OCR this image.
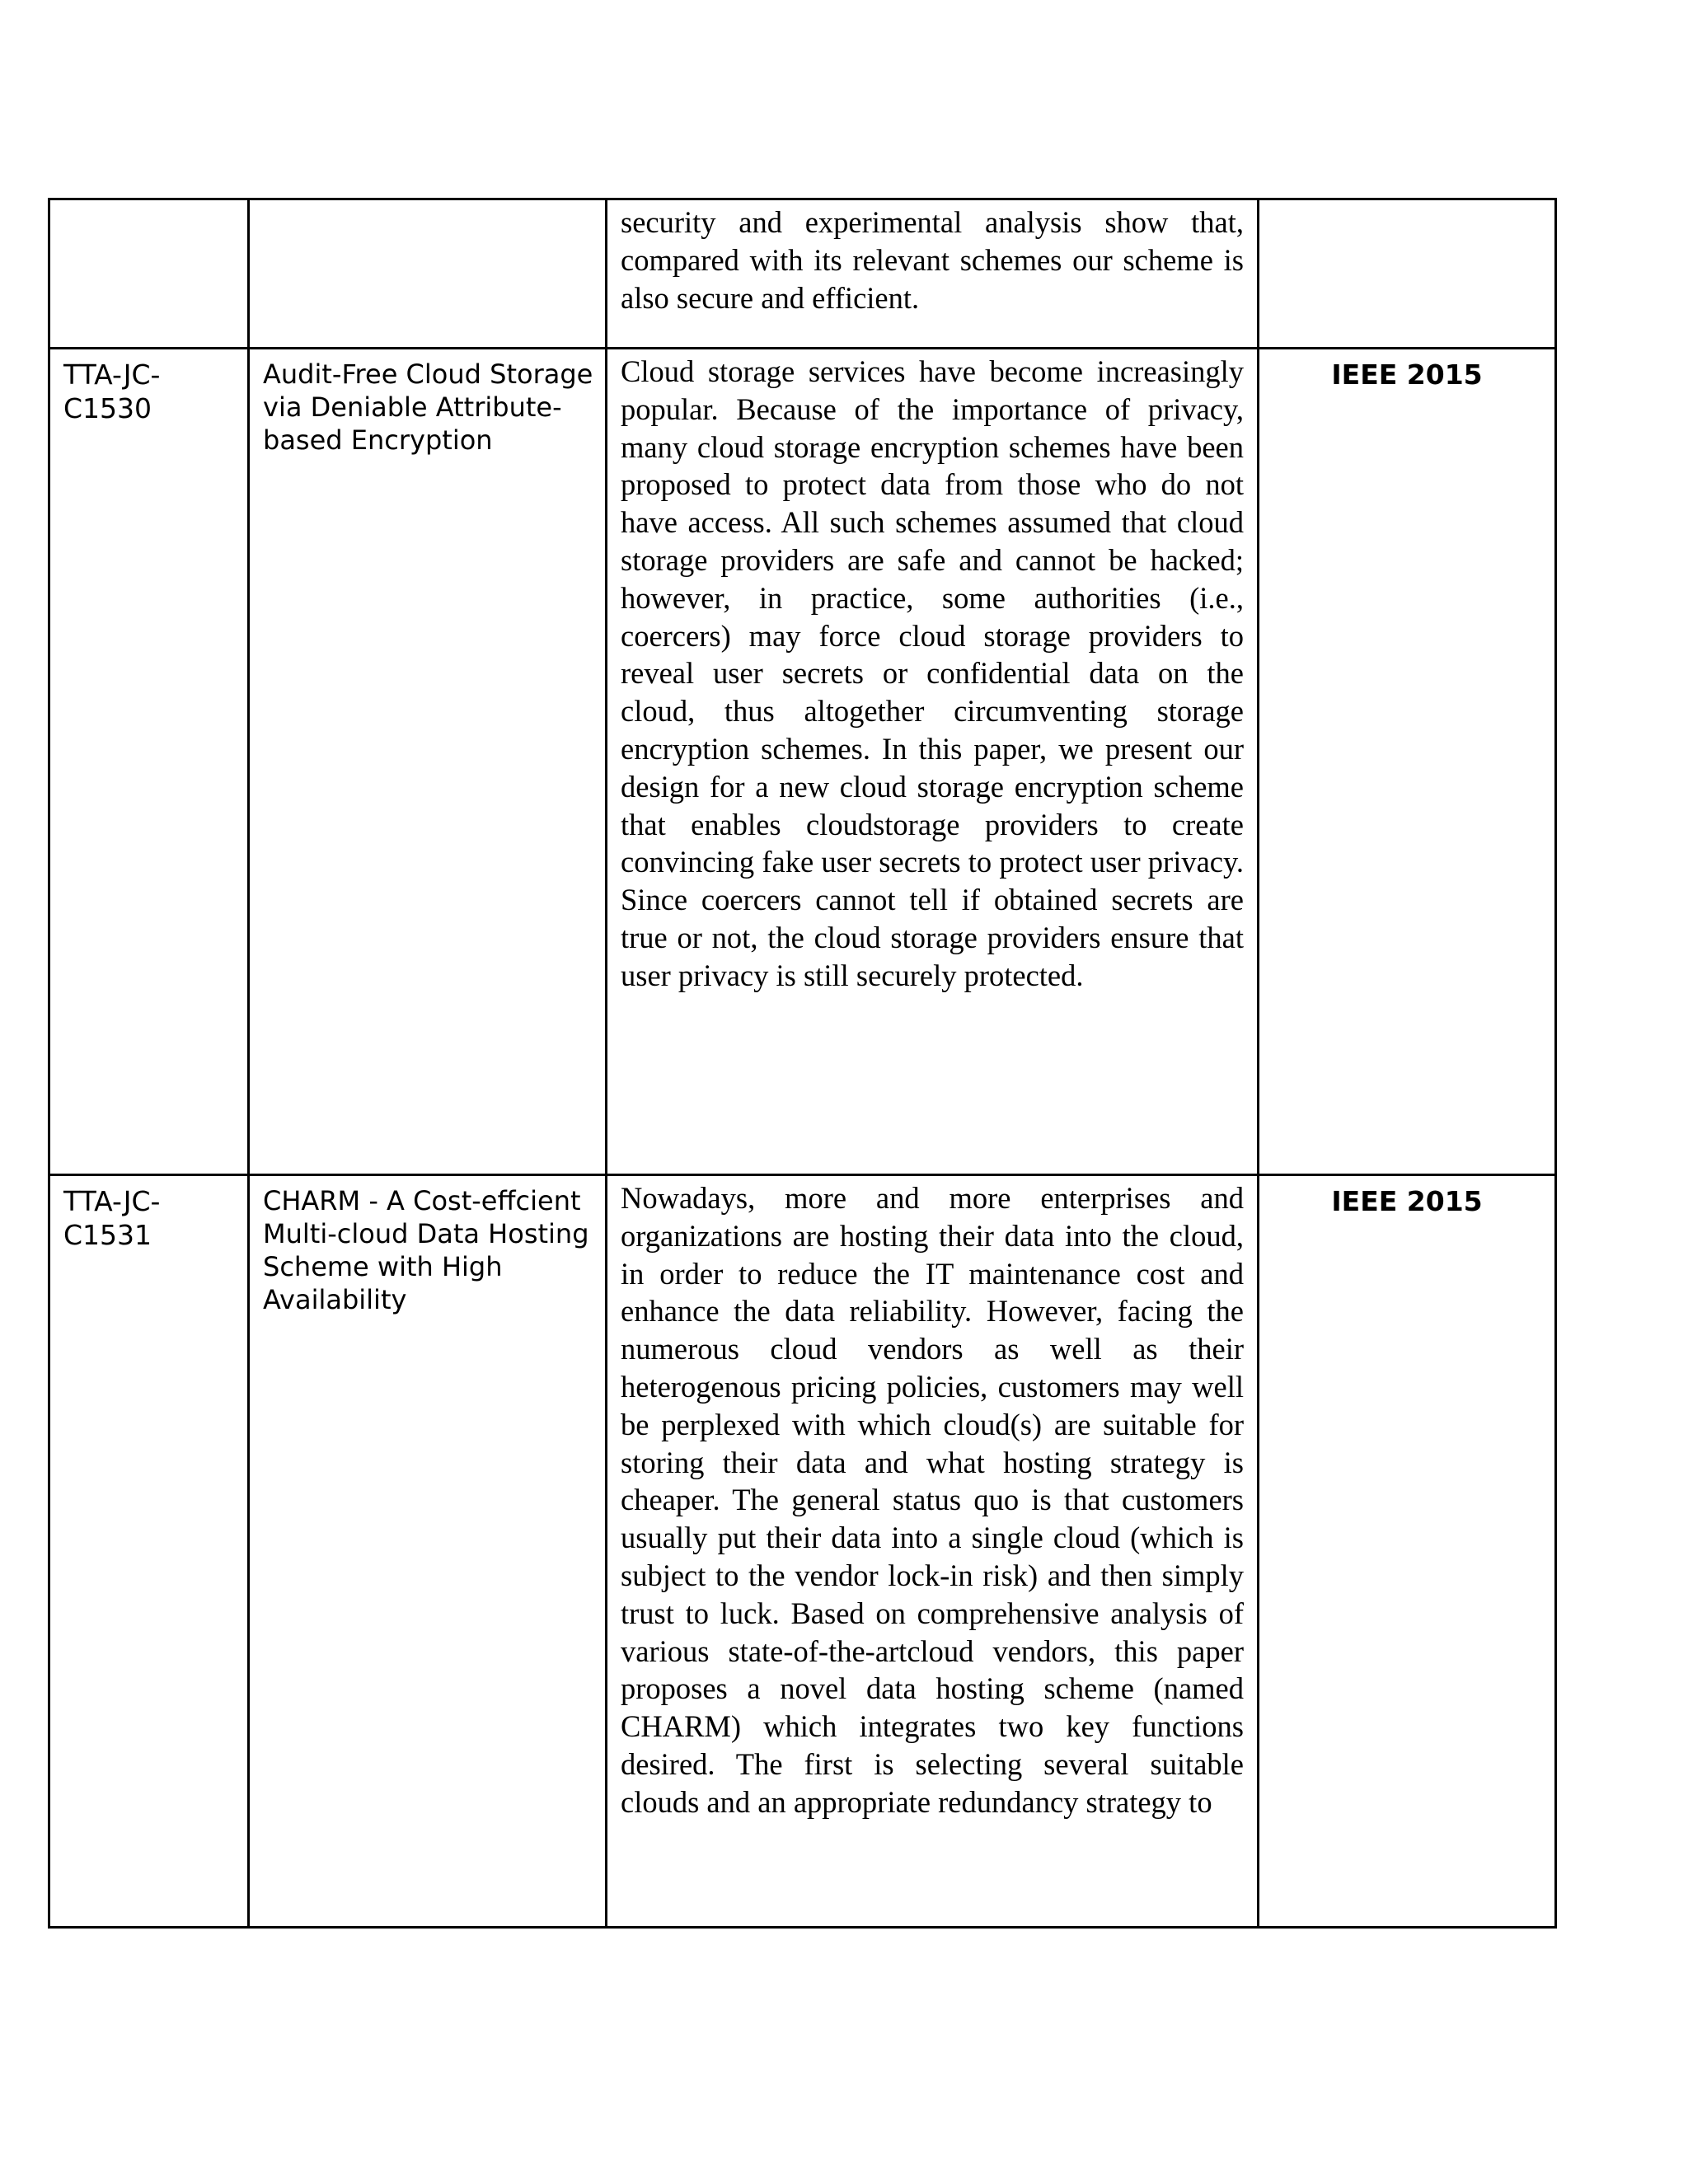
		security and experimental analysis show that, compared with its relevant schemes our scheme is also secure and efficient.	

TTA-JC-C1530	Audit-Free Cloud Storage via Deniable Attribute-based Encryption	Cloud storage services have become increasingly popular. Because of the importance of privacy, many cloud storage encryption schemes have been proposed to protect data from those who do not have access. All such schemes assumed that cloud storage providers are safe and cannot be hacked; however, in practice, some authorities (i.e., coercers) may force cloud storage providers to reveal user secrets or confidential data on the cloud, thus altogether circumventing storage encryption schemes. In this paper, we present our design for a new cloud storage encryption scheme that enables cloudstorage providers to create convincing fake user secrets to protect user privacy. Since coercers cannot tell if obtained secrets are true or not, the cloud storage providers ensure that user privacy is still securely protected.	IEEE 2015

TTA-JC-C1531	CHARM - A Cost-effcient Multi-cloud Data Hosting Scheme with High Availability	Nowadays, more and more enterprises and organizations are hosting their data into the cloud, in order to reduce the IT maintenance cost and enhance the data reliability. However, facing the numerous cloud vendors as well as their heterogenous pricing policies, customers may well be perplexed with which cloud(s) are suitable for storing their data and what hosting strategy is cheaper. The general status quo is that customers usually put their data into a single cloud (which is subject to the vendor lock-in risk) and then simply trust to luck. Based on comprehensive analysis of various state-of-the-artcloud vendors, this paper proposes a novel data hosting scheme (named CHARM) which integrates two key functions desired. The first is selecting several suitable clouds and an appropriate redundancy strategy to	IEEE 2015
